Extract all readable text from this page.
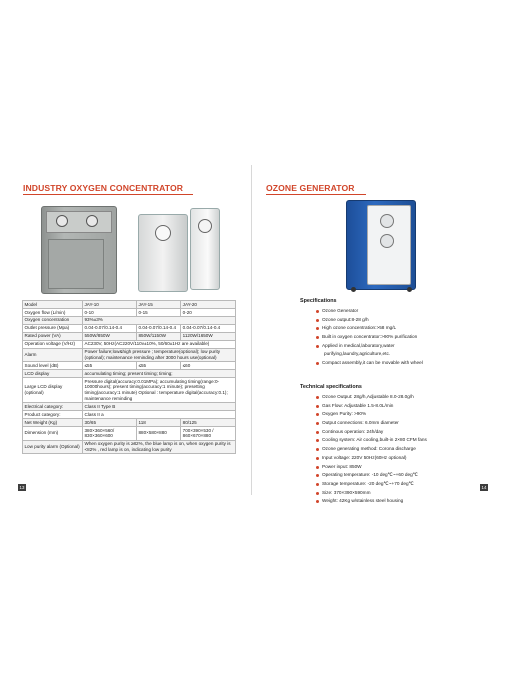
INDUSTRY OXYGEN CONCENTRATOR
Model	JAY-10	JAY-15	JAY-20
Oxygen flow (L/min)	0-10	0-15	0-20
Oxygen concentration	93%±3%		
Outlet pressure (Mpa)	0.04-0.07/0.14-0.4	0.04-0.07/0.14-0.4	0.04-0.07/0.14-0.4
Rated power (VA)	550W/850W	850W/1150W	1120W/1650W
Operation voltage (V/Hz)	AC230V, 50Hz(AC220V/110v±10%, 50/60±1Hz are available)		
Alarm	Power failure;low&high pressure ; temperature(optional); low purity (optional); maintenance reminding after 3000 hours use(optional)		
Sound level (dB)	≤55	≤55	≤60
LCD display	accumulating timing; present timing; timing;		
Large LCD display (optional)	Pressure digital(accuracy:0.01MPa); accumulating timing(range:0-10000hours); present timing(accuracy:1 minute); presetting timing(accuracy:1 minute) Optional : temperature digital(accuracy:0.1); maintenance reminding		
Electrical category:	Class II Type B		
Product category:	Class II a		
Net Weight (Kg)	30/65	118	80/125
Dimension (mm)	380×360×560/ 830×360×600	880×580×880	700×390×530 / 860×670×880
Low purity alarm (Optional)	When oxygen purity is ≥82%, the blue lamp is on, when oxygen purity is <82% , red lamp is on, indicating low purity		
13
OZONE GENERATOR
Specifications
Ozone Generator
Ozone output:8-28 g/h
High ozone concentration:>58 mg/L
Built in oxygen concentrator:>90% purification
Applied in medical,laboratory,water
purifying,laundry,agriculture,etc.
Compact assembly,it can be movable with wheel
Technical specifications
Ozone Output: 28g/h,Adjustable 8.0-28.0g/h
Gas Flow: Adjustable 1.5-8.0L/min
Oxygen Purity: >90%
Output connections: 6.0mm diameter
Continous operation: 24h/day
Cooling system: Air cooling,built-in 2×80 CFM fans
Ozone generating method: Corona discharge
Input voltage: 220V 50Hz(60Hz optional)
Power input: 850W
Operating temperature: -10 deg℃~+60 deg℃
Storage temperature: -20 deg℃~+70 deg℃
Size: 370×390×590mm
Weight: 42Kg w/stainless steel housing
14
